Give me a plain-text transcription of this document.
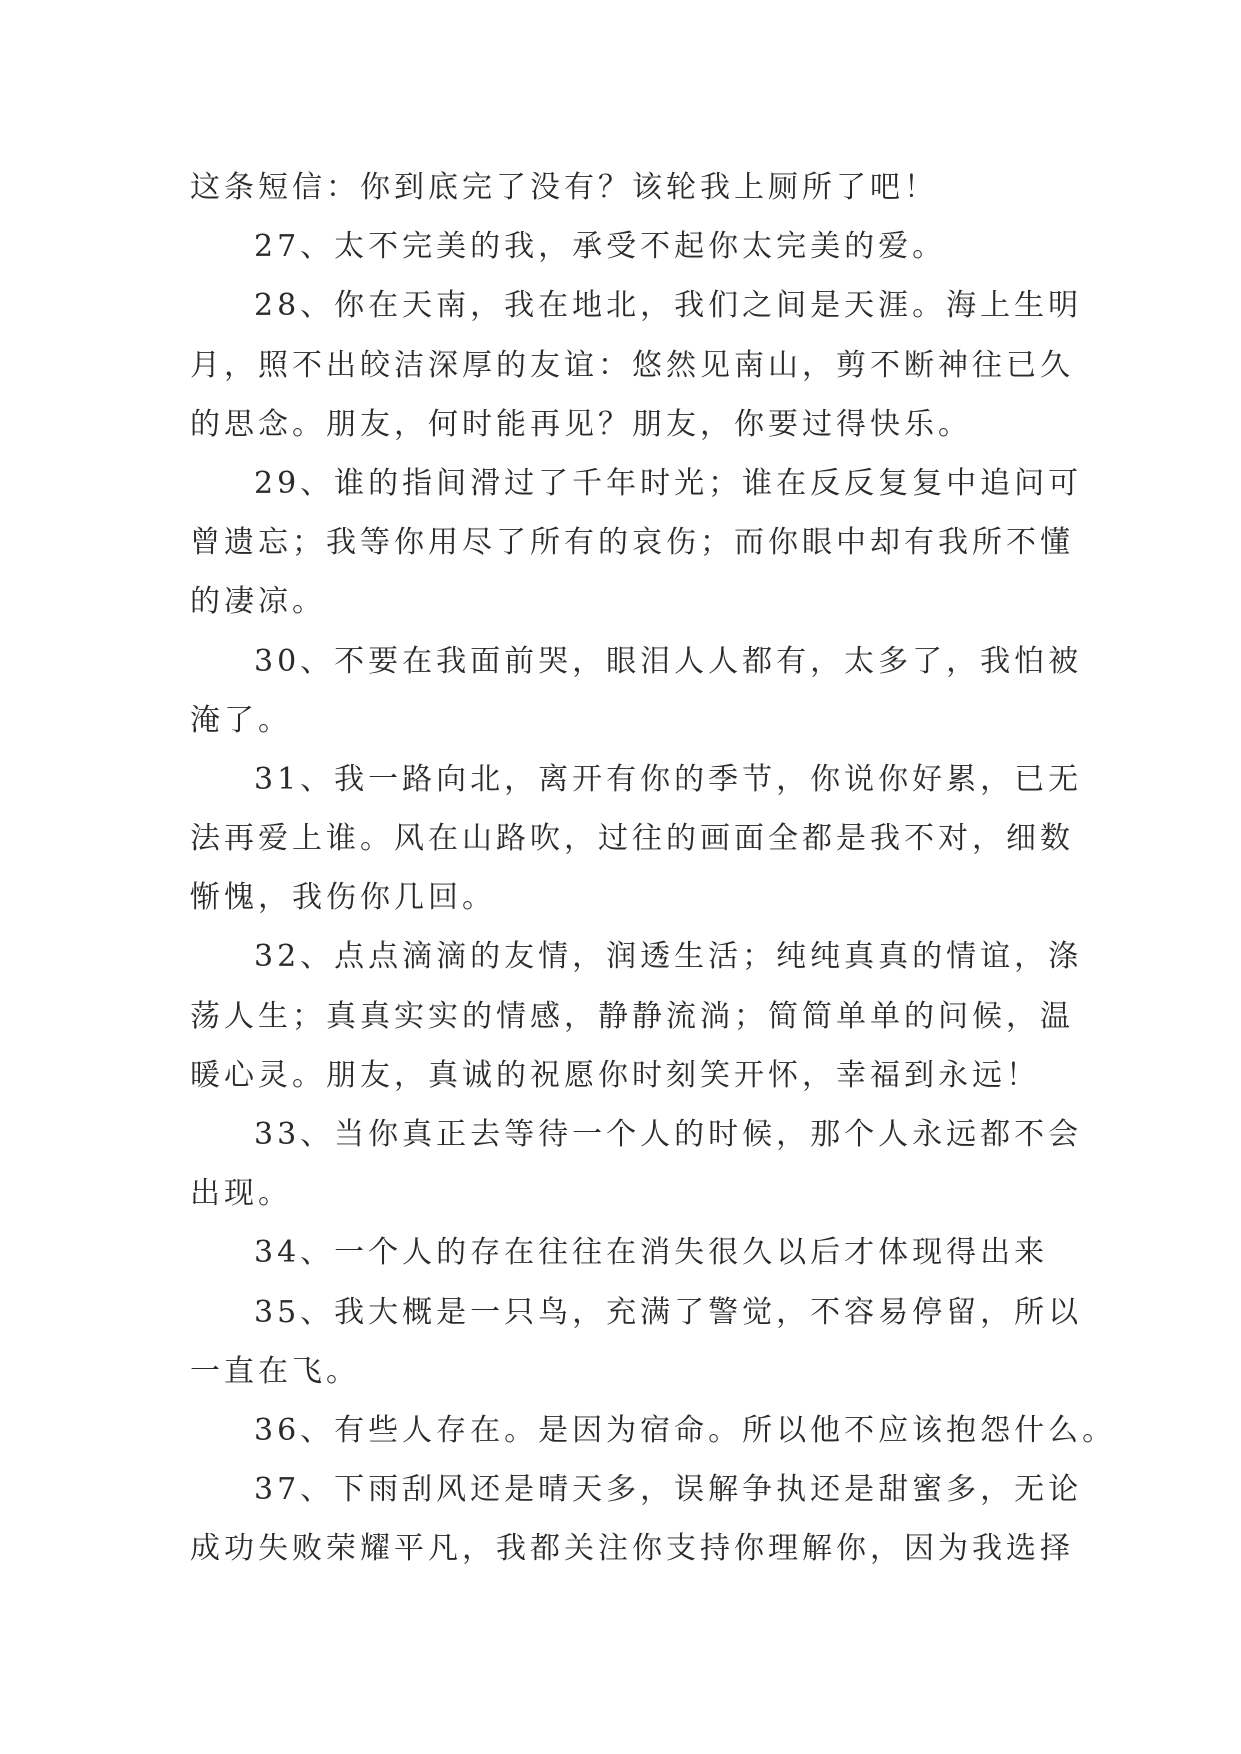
这条短信：你到底完了没有？该轮我上厕所了吧！
27、太不完美的我，承受不起你太完美的爱。
28、你在天南，我在地北，我们之间是天涯。海上生明
月，照不出皎洁深厚的友谊：悠然见南山，剪不断神往已久
的思念。朋友，何时能再见？朋友，你要过得快乐。
29、谁的指间滑过了千年时光；谁在反反复复中追问可
曾遗忘；我等你用尽了所有的哀伤；而你眼中却有我所不懂
的凄凉。
30、不要在我面前哭，眼泪人人都有，太多了，我怕被
淹了。
31、我一路向北，离开有你的季节，你说你好累，已无
法再爱上谁。风在山路吹，过往的画面全都是我不对，细数
惭愧，我伤你几回。
32、点点滴滴的友情，润透生活；纯纯真真的情谊，涤
荡人生；真真实实的情感，静静流淌；简简单单的问候，温
暖心灵。朋友，真诚的祝愿你时刻笑开怀，幸福到永远！
33、当你真正去等待一个人的时候，那个人永远都不会
出现。
34、一个人的存在往往在消失很久以后才体现得出来
35、我大概是一只鸟，充满了警觉，不容易停留，所以
一直在飞。
36、有些人存在。是因为宿命。所以他不应该抱怨什么。
37、下雨刮风还是晴天多，误解争执还是甜蜜多，无论
成功失败荣耀平凡，我都关注你支持你理解你，因为我选择
